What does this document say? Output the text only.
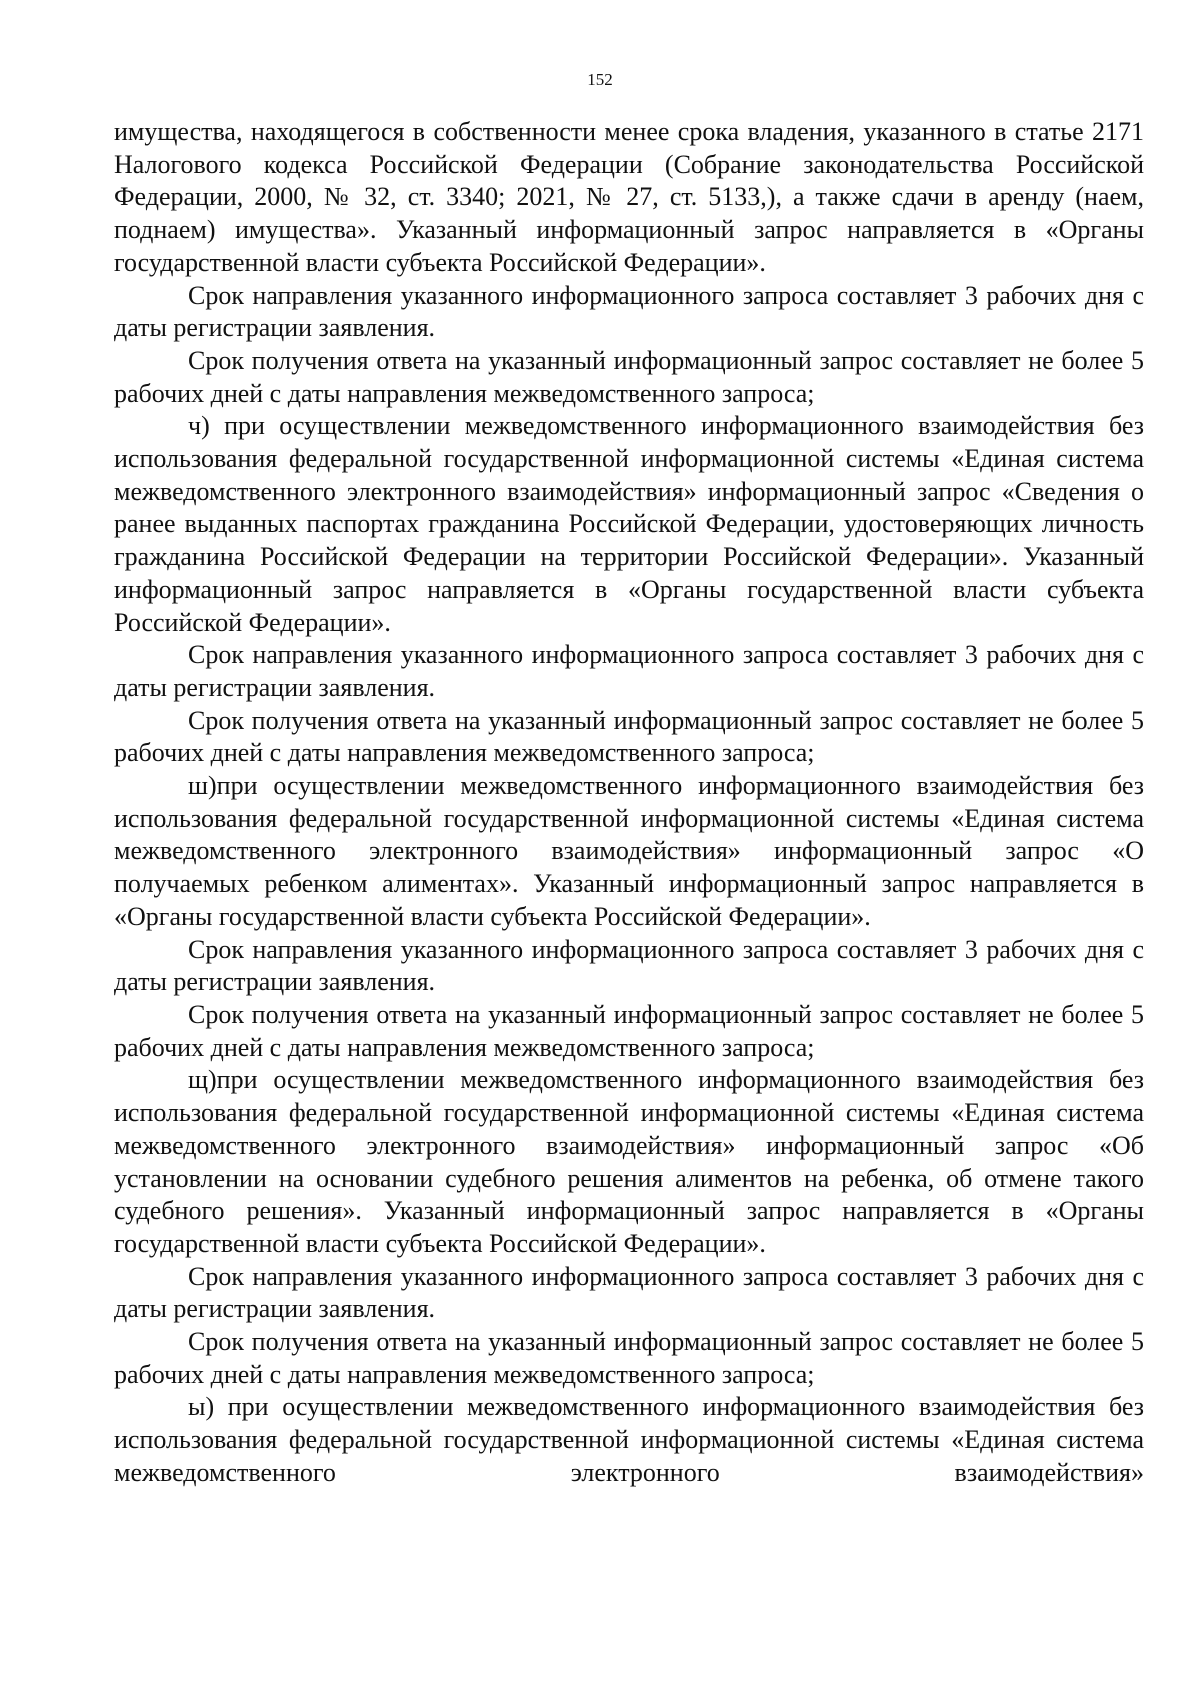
152

имущества, находящегося в собственности менее срока владения, указанного в статье 2171 Налогового кодекса Российской Федерации (Собрание законодательства Российской Федерации, 2000, № 32, ст. 3340; 2021, № 27, ст. 5133,), а также сдачи в аренду (наем, поднаем) имущества». Указанный информационный запрос направляется в «Органы государственной власти субъекта Российской Федерации».

Срок направления указанного информационного запроса составляет 3 рабочих дня с даты регистрации заявления.

Срок получения ответа на указанный информационный запрос составляет не более 5 рабочих дней с даты направления межведомственного запроса;

ч) при осуществлении межведомственного информационного взаимодействия без использования федеральной государственной информационной системы «Единая система межведомственного электронного взаимодействия» информационный запрос «Сведения о ранее выданных паспортах гражданина Российской Федерации, удостоверяющих личность гражданина Российской Федерации на территории Российской Федерации». Указанный информационный запрос направляется в «Органы государственной власти субъекта Российской Федерации».

Срок направления указанного информационного запроса составляет 3 рабочих дня с даты регистрации заявления.

Срок получения ответа на указанный информационный запрос составляет не более 5 рабочих дней с даты направления межведомственного запроса;

ш)при осуществлении межведомственного информационного взаимодействия без использования федеральной государственной информационной системы «Единая система межведомственного электронного взаимодействия» информационный запрос «О получаемых ребенком алиментах». Указанный информационный запрос направляется в «Органы государственной власти субъекта Российской Федерации».

Срок направления указанного информационного запроса составляет 3 рабочих дня с даты регистрации заявления.

Срок получения ответа на указанный информационный запрос составляет не более 5 рабочих дней с даты направления межведомственного запроса;

щ)при осуществлении межведомственного информационного взаимодействия без использования федеральной государственной информационной системы «Единая система межведомственного электронного взаимодействия» информационный запрос «Об установлении на основании судебного решения алиментов на ребенка, об отмене такого судебного решения». Указанный информационный запрос направляется в «Органы государственной власти субъекта Российской Федерации».

Срок направления указанного информационного запроса составляет 3 рабочих дня с даты регистрации заявления.

Срок получения ответа на указанный информационный запрос составляет не более 5 рабочих дней с даты направления межведомственного запроса;

ы) при осуществлении межведомственного информационного взаимодействия без использования федеральной государственной информационной системы «Единая система межведомственного электронного взаимодействия»
